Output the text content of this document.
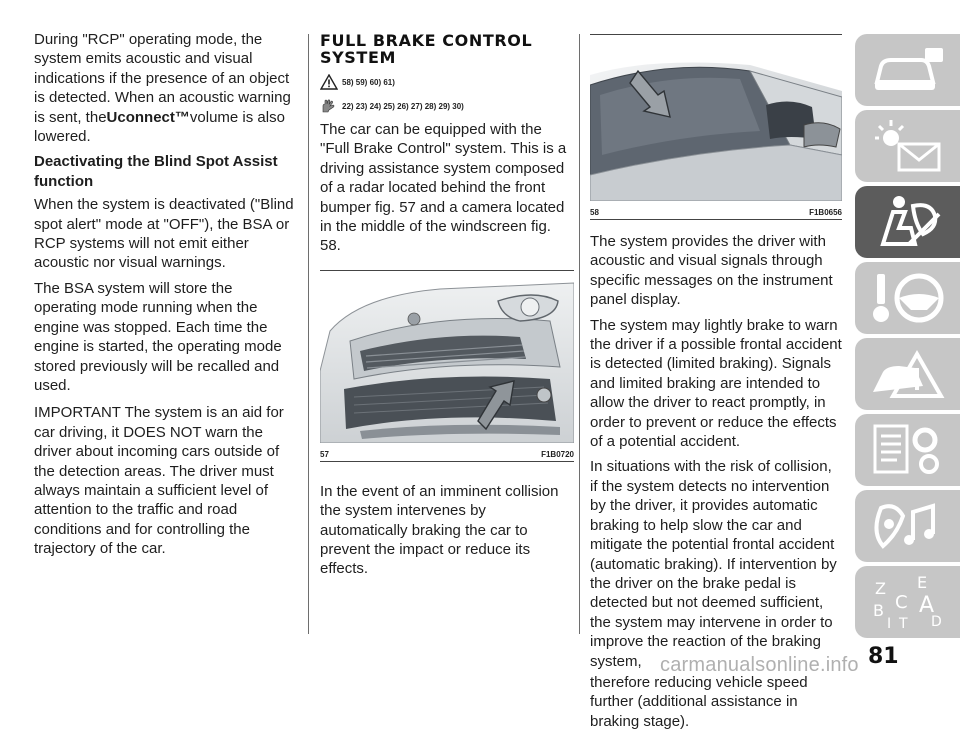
During "RCP" operating mode, the system emits acoustic and visual indications if the presence of an object is detected. When an acoustic warning is sent, theUconnect™volume is also lowered.

Deactivating the Blind Spot Assist function

When the system is deactivated ("Blind spot alert" mode at "OFF"), the BSA or RCP systems will not emit either acoustic nor visual warnings.

The BSA system will store the operating mode running when the engine was stopped. Each time the engine is started, the operating mode stored previously will be recalled and used.

IMPORTANT The system is an aid for car driving, it DOES NOT warn the driver about incoming cars outside of the detection areas. The driver must always maintain a sufficient level of attention to the traffic and road conditions and for controlling the trajectory of the car.

FULL BRAKE CONTROL SYSTEM
58) 59) 60) 61)
22) 23) 24) 25) 26) 27) 28) 29) 30)

The car can be equipped with the "Full Brake Control" system. This is a driving assistance system composed of a radar located behind the front bumper fig. 57 and a camera located in the middle of the windscreen fig. 58.

57	F1B0720

In the event of an imminent collision the system intervenes by automatically braking the car to prevent the impact or reduce its effects.

58	F1B0656

The system provides the driver with acoustic and visual signals through specific messages on the instrument panel display.

The system may lightly brake to warn the driver if a possible frontal accident is detected (limited braking). Signals and limited braking are intended to allow the driver to react promptly, in order to prevent or reduce the effects of a potential accident.

In situations with the risk of collision, if the system detects no intervention by the driver, it provides automatic braking to help slow the car and mitigate the potential frontal accident (automatic braking). If intervention by the driver on the brake pedal is detected but not deemed sufficient, the system may intervene in order to improve the reaction of the braking system,

therefore reducing vehicle speed further (additional assistance in braking stage).

Z E
B C A
I T D
81
carmanualsonline.info
